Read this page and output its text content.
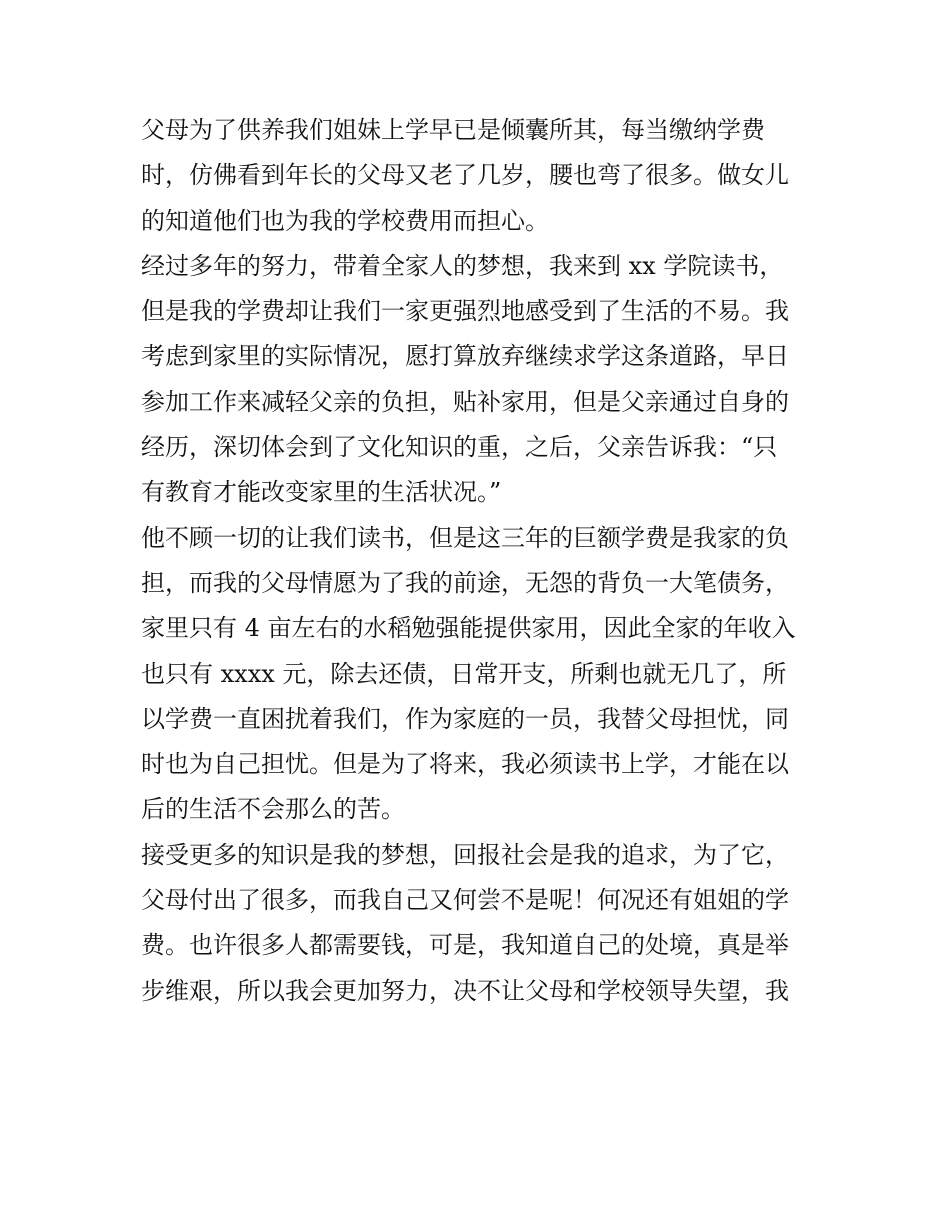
父母为了供养我们姐妹上学早已是倾囊所其，每当缴纳学费
时，仿佛看到年长的父母又老了几岁，腰也弯了很多。做女儿
的知道他们也为我的学校费用而担心。
经过多年的努力，带着全家人的梦想，我来到 xx 学院读书，
但是我的学费却让我们一家更强烈地感受到了生活的不易。我
考虑到家里的实际情况，愿打算放弃继续求学这条道路，早日
参加工作来减轻父亲的负担，贴补家用，但是父亲通过自身的
经历，深切体会到了文化知识的重，之后，父亲告诉我：“只
有教育才能改变家里的生活状况。”
他不顾一切的让我们读书，但是这三年的巨额学费是我家的负
担，而我的父母情愿为了我的前途，无怨的背负一大笔债务，
家里只有 4 亩左右的水稻勉强能提供家用，因此全家的年收入
也只有 xxxx 元，除去还债，日常开支，所剩也就无几了，所
以学费一直困扰着我们，作为家庭的一员，我替父母担忧，同
时也为自己担忧。但是为了将来，我必须读书上学，才能在以
后的生活不会那么的苦。
接受更多的知识是我的梦想，回报社会是我的追求，为了它，
父母付出了很多，而我自己又何尝不是呢！何况还有姐姐的学
费。也许很多人都需要钱，可是，我知道自己的处境，真是举
步维艰，所以我会更加努力，决不让父母和学校领导失望，我
